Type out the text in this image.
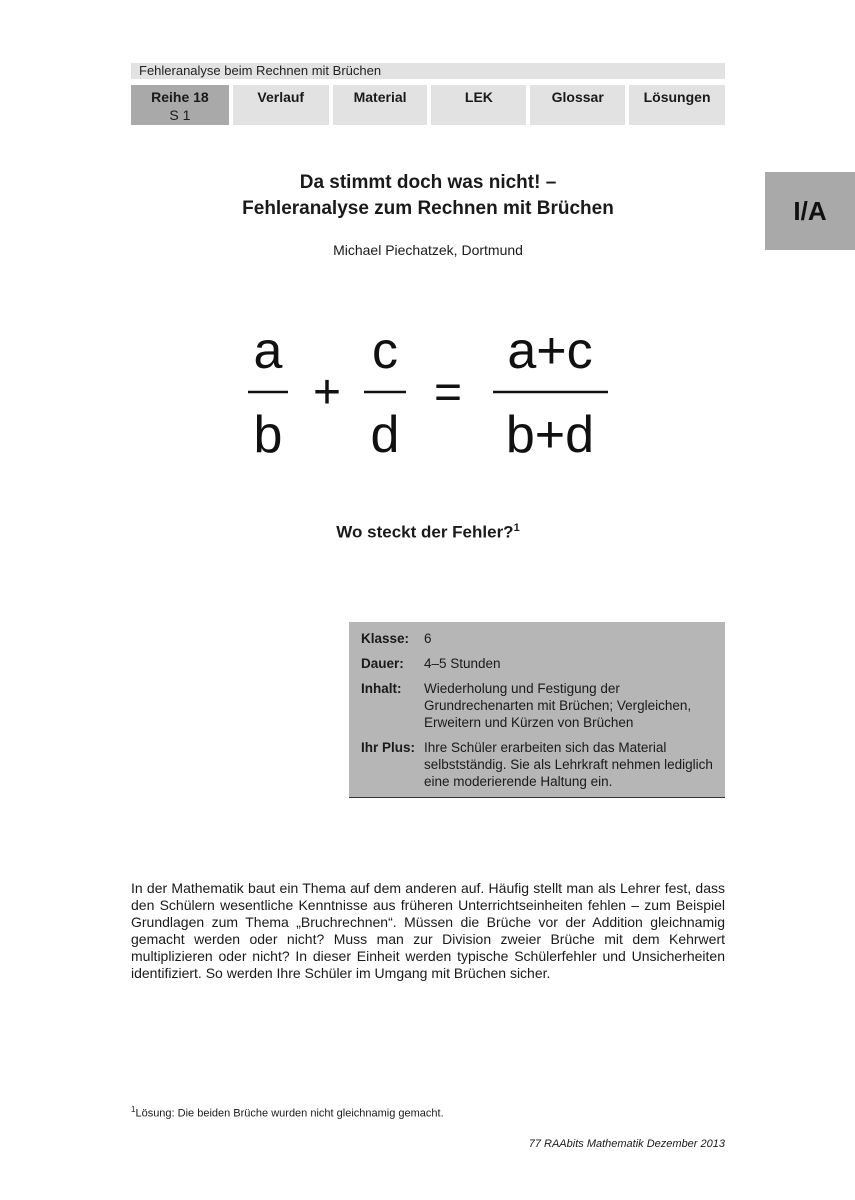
Fehleranalyse beim Rechnen mit Brüchen
Reihe 18
S 1
Verlauf	Material	LEK	Glossar	Lösungen
I/A
Da stimmt doch was nicht! –
Fehleranalyse zum Rechnen mit Brüchen
Michael Piechatzek, Dortmund
a
b
+
c
d
=
a+c
b+d
Wo steckt der Fehler?$^1$
Klasse:	6
Dauer:	4–5 Stunden
Inhalt:	Wiederholung und Festigung der Grundrechenarten mit Brüchen; Vergleichen, Erweitern und Kürzen von Brüchen
Ihr Plus: Ihre Schüler erarbeiten sich das Material selbstständig. Sie als Lehrkraft nehmen lediglich eine moderierende Haltung ein.

In der Mathematik baut ein Thema auf dem anderen auf. Häufig stellt man als Lehrer fest, dass den Schülern wesentliche Kenntnisse aus früheren Unterrichtseinheiten fehlen – zum Beispiel Grundlagen zum Thema „Bruchrechnen“. Müssen die Brüche vor der Addition gleichnamig gemacht werden oder nicht? Muss man zur Division zweier Brüche mit dem Kehrwert multiplizieren oder nicht? In dieser Einheit werden typische Schülerfehler und Unsicherheiten identifiziert. So werden Ihre Schüler im Umgang mit Brüchen sicher.

$^1$Lösung: Die beiden Brüche wurden nicht gleichnamig gemacht.
77 RAAbits Mathematik Dezember 2013
